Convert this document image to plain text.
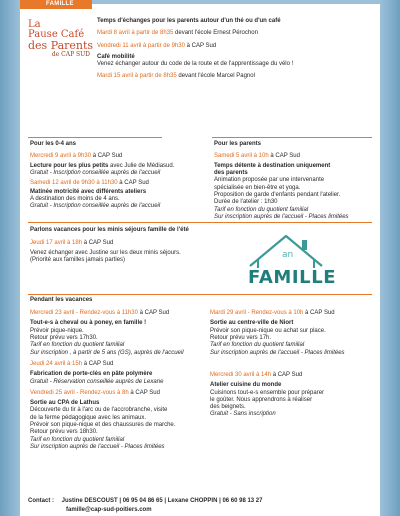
FAMILLE
La
Pause Café
des Parents
de CAP SUD

Temps d'échanges pour les parents autour d'un thé ou d'un café

Mardi 8 avril à partir de 8h35 devant l'école Ernest Pérochon

Vendredi 11 avril à partir de 9h30 à CAP Sud

Café mobilité

Venez échanger autour du code de la route et de l'apprentissage du vélo !

Mardi 15 avril à partir de 8h35 devant l'école Marcel Pagnol

Pour les 0-4 ans

Mercredi 9 avril à 9h30 à CAP Sud

Lecture pour les plus petits avec Julie de Médiasud.

Gratuit - Inscription conseillée auprès de l'accueil

Samedi 12 avril de 9h30 à 11h30 à CAP Sud

Matinée motricité avec différents ateliers

A destination des moins de 4 ans.

Gratuit - Inscription conseillée auprès de l'accueil

Pour les parents

Samedi 5 avril à 10h à CAP Sud

Temps détente à destination uniquement

des parents

Animation proposée par une intervenante

spécialisée en bien-être et yoga.

Proposition de garde d'enfants pendant l'atelier.

Durée de l'atelier : 1h30

Tarif en fonction du quotient familial

Sur inscription auprès de l'accueil - Places limitées

Parlons vacances pour les minis séjours famille de l'été

Jeudi 17 avril à 18h à CAP Sud

Venez échanger avec Justine sur les deux minis séjours.

(Priorité aux familles jamais parties)	an
FAMILLE

Pendant les vacances

Mercredi 23 avril - Rendez-vous à 11h30 à CAP Sud

Tout-e-s à cheval ou à poney, en famille !

Prévoir pique-nique.

Retour prévu vers 17h30.

Tarif en fonction du quotient familial

Sur inscription , à partir de 5 ans (GS), auprès de l'accueil

Jeudi 24 avril à 15h à CAP Sud

Fabrication de porte-clés en pâte polymère

Gratuit - Réservation conseillée auprès de Lexane

Vendredi 25 avril - Rendez-vous à 8h à CAP Sud

Sortie au CPA de Lathus

Découverte du tir à l'arc ou de l'accrobranche, visite

de la ferme pédagogique avec les animaux.

Prévoir son pique-nique et des chaussures de marche.

Retour prévu vers 18h30.

Tarif en fonction du quotient familial

Sur inscription auprès de l'accueil - Places limitées

Mardi 29 avril - Rendez-vous à 10h à CAP Sud

Sortie au centre-ville de Niort

Prévoir son pique-nique ou achat sur place.

Retour prévu vers 17h.

Tarif en fonction du quotient familial

Sur inscription auprès de l'accueil - Places limitées

Mercredi 30 avril à 14h à CAP Sud

Atelier cuisine du monde

Cuisinons tout-e-s ensemble pour préparer

le goûter. Nous apprendrons à réaliser

des beignets.

Gratuit - Sans inscription

Contact : Justine DESCOUST | 06 95 04 86 65 | Lexane CHOPPIN | 06 60 98 13 27
famille@cap-sud-poitiers.com
